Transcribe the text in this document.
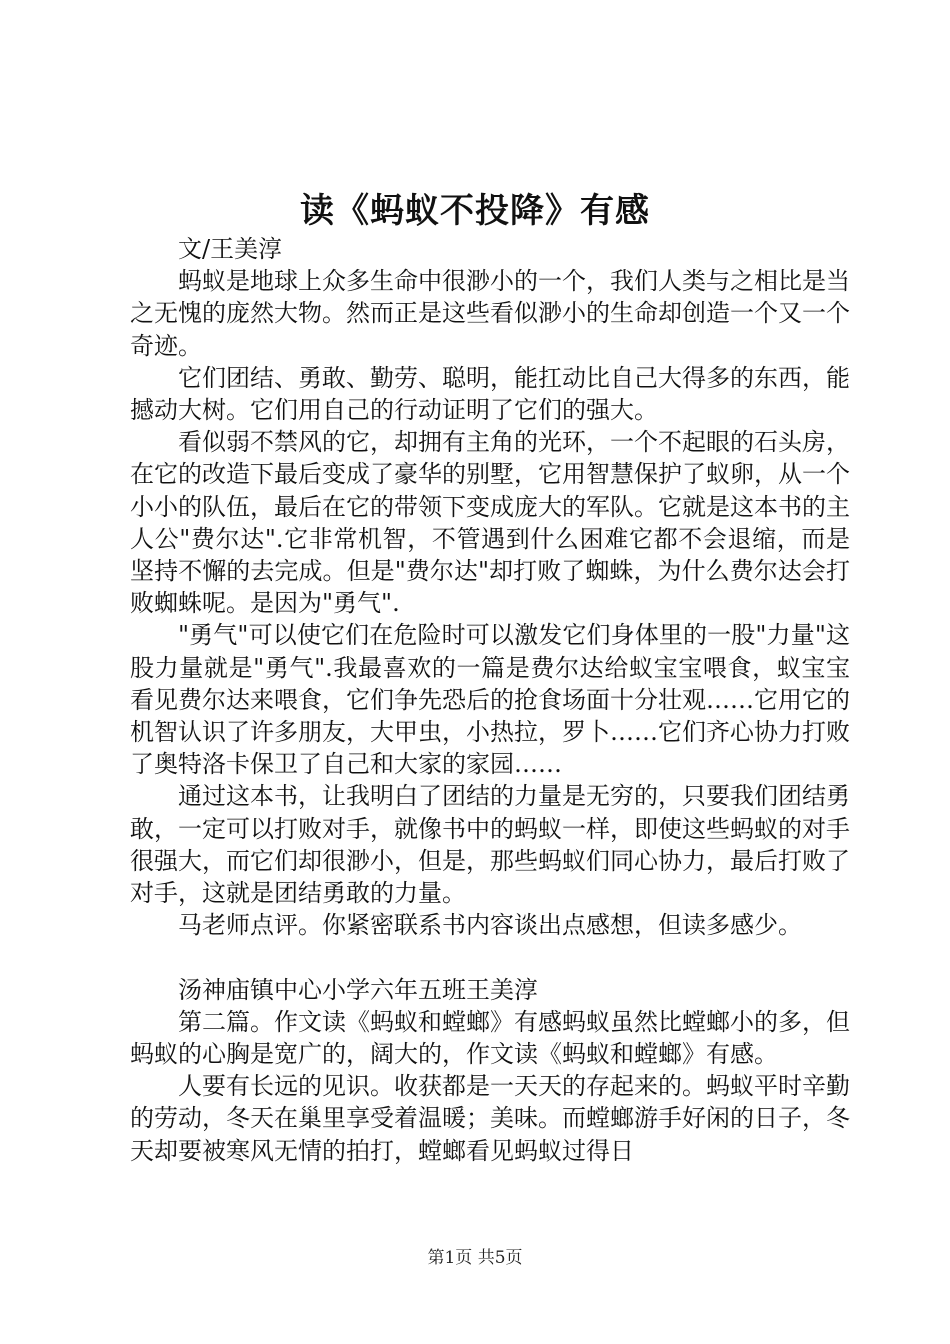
读《蚂蚁不投降》有感

文/王美淳

蚂蚁是地球上众多生命中很渺小的一个，我们人类与之相比是当之无愧的庞然大物。然而正是这些看似渺小的生命却创造一个又一个奇迹。

它们团结、勇敢、勤劳、聪明，能扛动比自己大得多的东西，能撼动大树。它们用自己的行动证明了它们的强大。

看似弱不禁风的它，却拥有主角的光环，一个不起眼的石头房，在它的改造下最后变成了豪华的别墅，它用智慧保护了蚁卵，从一个小小的队伍，最后在它的带领下变成庞大的军队。它就是这本书的主人公"费尔达".它非常机智，不管遇到什么困难它都不会退缩，而是坚持不懈的去完成。但是"费尔达"却打败了蜘蛛，为什么费尔达会打败蜘蛛呢。是因为"勇气".

"勇气"可以使它们在危险时可以激发它们身体里的一股"力量"这股力量就是"勇气".我最喜欢的一篇是费尔达给蚁宝宝喂食，蚁宝宝看见费尔达来喂食，它们争先恐后的抢食场面十分壮观……它用它的机智认识了许多朋友，大甲虫，小热拉，罗卜……它们齐心协力打败了奥特洛卡保卫了自己和大家的家园……

通过这本书，让我明白了团结的力量是无穷的，只要我们团结勇敢，一定可以打败对手，就像书中的蚂蚁一样，即使这些蚂蚁的对手很强大，而它们却很渺小，但是，那些蚂蚁们同心协力，最后打败了对手，这就是团结勇敢的力量。

马老师点评。你紧密联系书内容谈出点感想，但读多感少。

汤神庙镇中心小学六年五班王美淳

第二篇。作文读《蚂蚁和螳螂》有感蚂蚁虽然比螳螂小的多，但蚂蚁的心胸是宽广的，阔大的，作文读《蚂蚁和螳螂》有感。

人要有长远的见识。收获都是一天天的存起来的。蚂蚁平时辛勤的劳动，冬天在巢里享受着温暖；美味。而螳螂游手好闲的日子，冬天却要被寒风无情的拍打，螳螂看见蚂蚁过得日

第1页 共5页
